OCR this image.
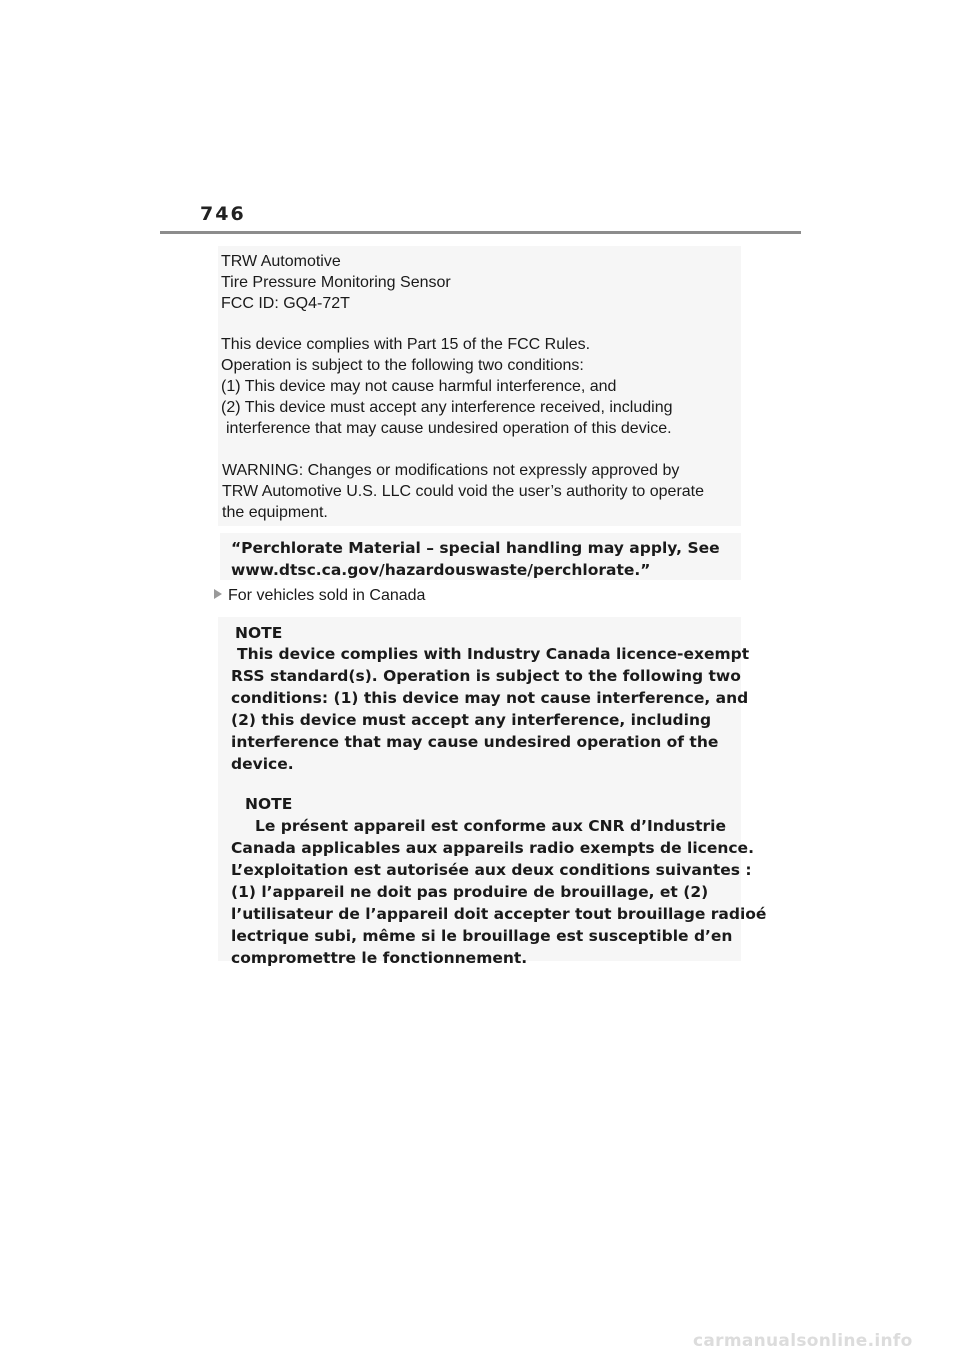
746
TRW Automotive
Tire Pressure Monitoring Sensor
FCC ID: GQ4-72T
This device complies with Part 15 of the FCC Rules.
Operation is subject to the following two conditions:
(1) This device may not cause harmful interference, and
(2) This device must accept any interference received, including
interference that may cause undesired operation of this device.
WARNING: Changes or modifications not expressly approved by
TRW Automotive U.S. LLC could void the user’s authority to operate
the equipment.
“Perchlorate Material – special handling may apply, See
www.dtsc.ca.gov/hazardouswaste/perchlorate.”
For vehicles sold in Canada
NOTE
This device complies with Industry Canada licence-exempt
RSS standard(s). Operation is subject to the following two
conditions: (1) this device may not cause interference, and
(2) this device must accept any interference, including
interference that may cause undesired operation of the
device.
NOTE
Le présent appareil est conforme aux CNR d’Industrie
Canada applicables aux appareils radio exempts de licence.
L’exploitation est autorisée aux deux conditions suivantes :
(1) l’appareil ne doit pas produire de brouillage, et (2)
l’utilisateur de l’appareil doit accepter tout brouillage radioé
lectrique subi, même si le brouillage est susceptible d’en
compromettre le fonctionnement.
carmanualsonline.info
